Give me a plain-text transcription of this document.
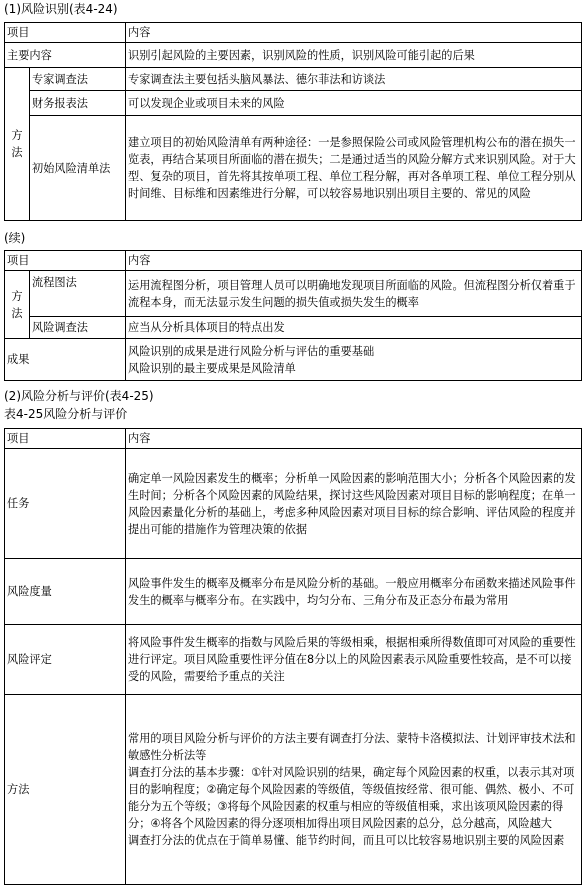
(1)风险识别(表4-24)
项目		内容
主要内容		识别引起风险的主要因素，识别风险的性质，识别风险可能引起的后果

方法	专家调查法	专家调查法主要包括头脑风暴法、德尔菲法和访谈法
	财务报表法	可以发现企业或项目未来的风险
	初始风险清单法	建立项目的初始风险清单有两种途径：一是参照保险公司或风险管理机构公布的潜在损失一览表，再结合某项目所面临的潜在损失；二是通过适当的风险分解方式来识别风险。对于大型、复杂的项目，首先将其按单项工程、单位工程分解，再对各单项工程、单位工程分别从时间维、目标维和因素维进行分解，可以较容易地识别出项目主要的、常见的风险
(续)
项目		内容

方法	流程图法	运用流程图分析，项目管理人员可以明确地发现项目所面临的风险。但流程图分析仅着重于流程本身，而无法显示发生问题的损失值或损失发生的概率
	风险调查法	应当从分析具体项目的特点出发
成果		风险识别的成果是进行风险分析与评估的重要基础
风险识别的最主要成果是风险清单
(2)风险分析与评价(表4-25)
表4-25风险分析与评价
项目	内容
任务	确定单一风险因素发生的概率；分析单一风险因素的影响范围大小；分析各个风险因素的发生时间；分析各个风险因素的风险结果，探讨这些风险因素对项目目标的影响程度；在单一风险因素量化分析的基础上，考虑多种风险因素对项目目标的综合影响、评估风险的程度并提出可能的措施作为管理决策的依据
风险度量	风险事件发生的概率及概率分布是风险分析的基础。一般应用概率分布函数来描述风险事件发生的概率与概率分布。在实践中，均匀分布、三角分布及正态分布最为常用
风险评定	将风险事件发生概率的指数与风险后果的等级相乘，根据相乘所得数值即可对风险的重要性进行评定。项目风险重要性评分值在8分以上的风险因素表示风险重要性较高，是不可以接受的风险，需要给予重点的关注
方法	常用的项目风险分析与评价的方法主要有调查打分法、蒙特卡洛模拟法、计划评审技术法和敏感性分析法等
调查打分法的基本步骤：①针对风险识别的结果，确定每个风险因素的权重，以表示其对项目的影响程度；②确定每个风险因素的等级值，等级值按经常、很可能、偶然、极小、不可能分为五个等级；③将每个风险因素的权重与相应的等级值相乘，求出该项风险因素的得分；④将各个风险因素的得分逐项相加得出项目风险因素的总分，总分越高，风险越大
调查打分法的优点在于简单易懂、能节约时间，而且可以比较容易地识别主要的风险因素
